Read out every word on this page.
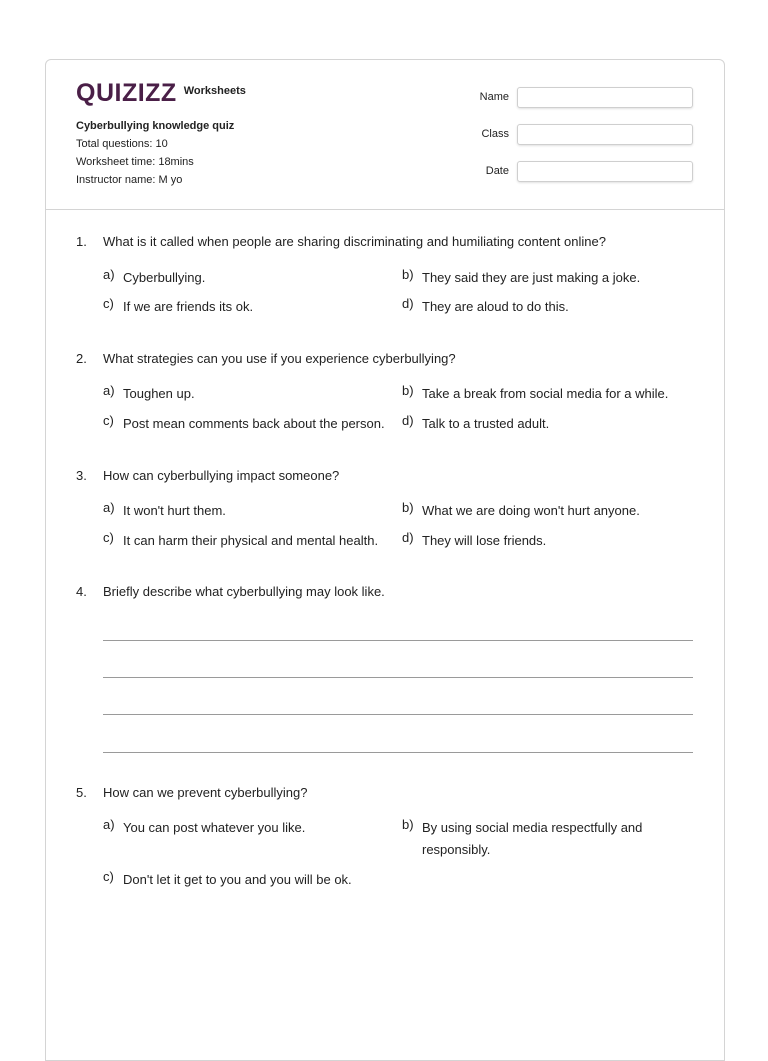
QUIZIZZ Worksheets
Cyberbullying knowledge quiz
Total questions: 10
Worksheet time: 18mins
Instructor name: M yo
Name
Class
Date
1. What is it called when people are sharing discriminating and humiliating content online?
a) Cyberbullying.	b) They said they are just making a joke.
c) If we are friends its ok.	d) They are aloud to do this.
2. What strategies can you use if you experience cyberbullying?
a) Toughen up.	b) Take a break from social media for a while.
c) Post mean comments back about the person. d) Talk to a trusted adult.
3. How can cyberbullying impact someone?
a) It won't hurt them.	b) What we are doing won't hurt anyone.
c) It can harm their physical and mental health. d) They will lose friends.
4. Briefly describe what cyberbullying may look like.
5. How can we prevent cyberbullying?
a) You can post whatever you like.	b) By using social media respectfully and responsibly.
c) Don't let it get to you and you will be ok.
